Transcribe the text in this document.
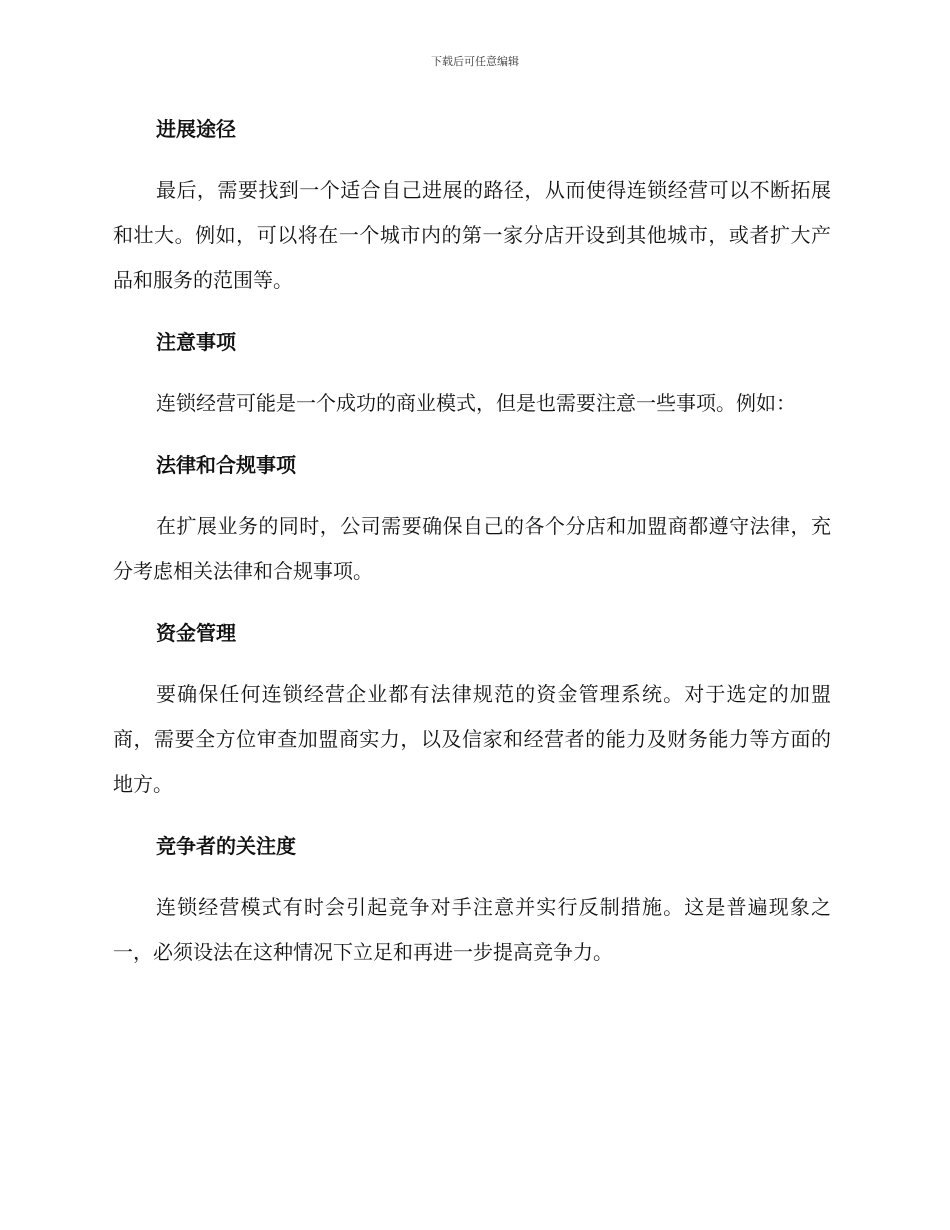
下载后可任意编辑
进展途径

最后，需要找到一个适合自己进展的路径，从而使得连锁经营可以不断拓展和壮大。例如，可以将在一个城市内的第一家分店开设到其他城市，或者扩大产品和服务的范围等。

注意事项

连锁经营可能是一个成功的商业模式，但是也需要注意一些事项。例如：

法律和合规事项

在扩展业务的同时，公司需要确保自己的各个分店和加盟商都遵守法律，充分考虑相关法律和合规事项。

资金管理

要确保任何连锁经营企业都有法律规范的资金管理系统。对于选定的加盟商，需要全方位审查加盟商实力，以及信家和经营者的能力及财务能力等方面的地方。

竞争者的关注度

连锁经营模式有时会引起竞争对手注意并实行反制措施。这是普遍现象之一，必须设法在这种情况下立足和再进一步提高竞争力。
